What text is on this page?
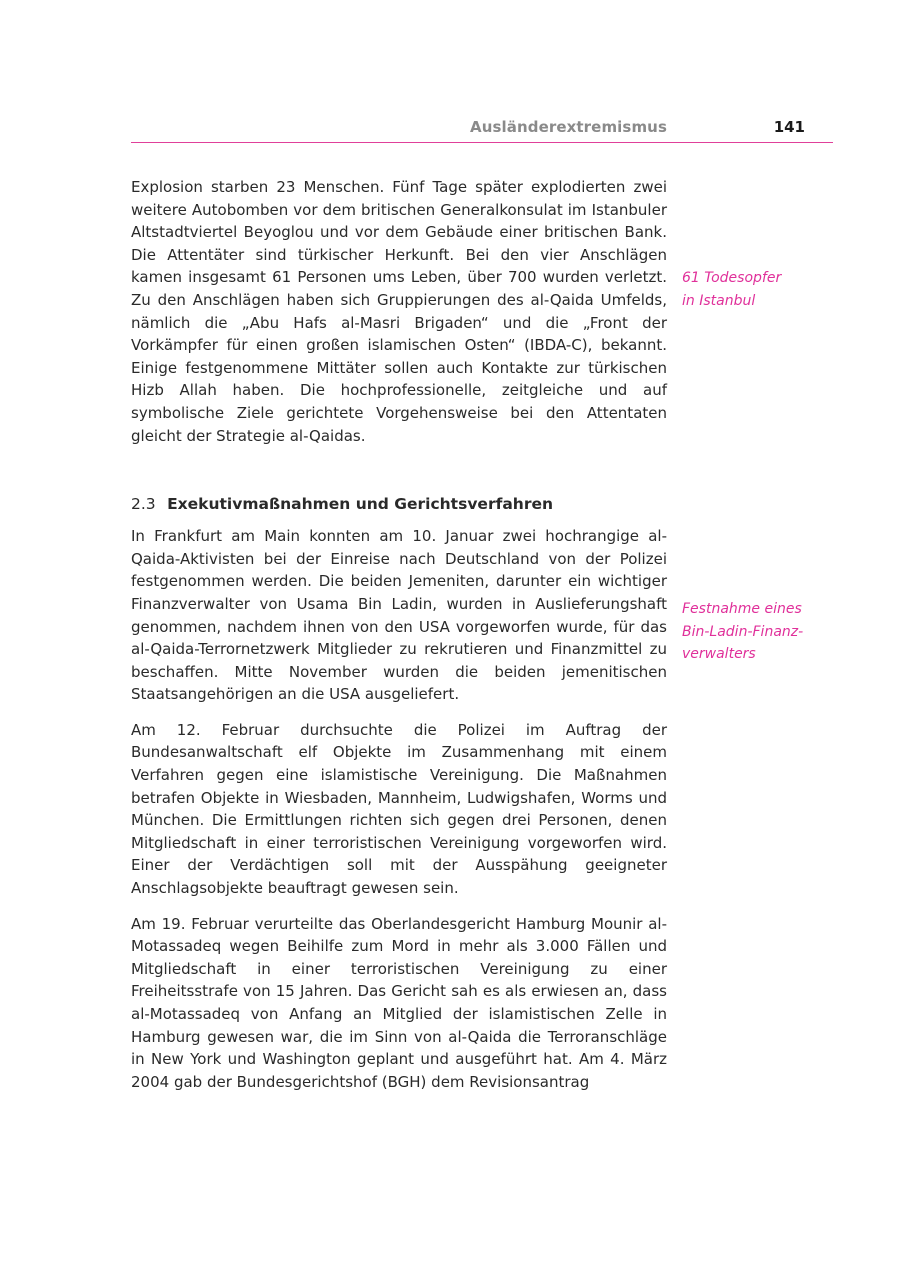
Ausländerextremismus	141

Explosion starben 23 Menschen. Fünf Tage später explodierten zwei weitere Autobomben vor dem britischen Generalkonsulat im Istanbuler Altstadtviertel Beyoglou und vor dem Gebäude einer britischen Bank. Die Attentäter sind türkischer Herkunft. Bei den vier Anschlägen kamen insgesamt 61 Personen ums Leben, über 700 wurden verletzt. Zu den Anschlägen haben sich Gruppierungen des al-Qaida Umfelds, nämlich die „Abu Hafs al-Masri Brigaden“ und die „Front der Vorkämpfer für einen großen islamischen Osten“ (IBDA-C), bekannt. Einige festgenommene Mittäter sollen auch Kontakte zur türkischen Hizb Allah haben. Die hochprofessionelle, zeitgleiche und auf symbolische Ziele gerichtete Vorgehensweise bei den Attentaten gleicht der Strategie al-Qaidas.

2.3 Exekutivmaßnahmen und Gerichtsverfahren

In Frankfurt am Main konnten am 10. Januar zwei hochrangige al-Qaida-Aktivisten bei der Einreise nach Deutschland von der Polizei festgenommen werden. Die beiden Jemeniten, darunter ein wichtiger Finanzverwalter von Usama Bin Ladin, wurden in Auslieferungshaft genommen, nachdem ihnen von den USA vorgeworfen wurde, für das al-Qaida-Terrornetzwerk Mitglieder zu rekrutieren und Finanzmittel zu beschaffen. Mitte November wurden die beiden jemenitischen Staatsangehörigen an die USA ausgeliefert.

Am 12. Februar durchsuchte die Polizei im Auftrag der Bundesanwaltschaft elf Objekte im Zusammenhang mit einem Verfahren gegen eine islamistische Vereinigung. Die Maßnahmen betrafen Objekte in Wiesbaden, Mannheim, Ludwigshafen, Worms und München. Die Ermittlungen richten sich gegen drei Personen, denen Mitgliedschaft in einer terroristischen Vereinigung vorgeworfen wird. Einer der Verdächtigen soll mit der Ausspähung geeigneter Anschlagsobjekte beauftragt gewesen sein.

Am 19. Februar verurteilte das Oberlandesgericht Hamburg Mounir al-Motassadeq wegen Beihilfe zum Mord in mehr als 3.000 Fällen und Mitgliedschaft in einer terroristischen Vereinigung zu einer Freiheitsstrafe von 15 Jahren. Das Gericht sah es als erwiesen an, dass al-Motassadeq von Anfang an Mitglied der islamistischen Zelle in Hamburg gewesen war, die im Sinn von al-Qaida die Terroranschläge in New York und Washington geplant und ausgeführt hat. Am 4. März 2004 gab der Bundesgerichtshof (BGH) dem Revisionsantrag

61 Todesopfer
in Istanbul
Festnahme eines
Bin-Ladin-Finanz-
verwalters
